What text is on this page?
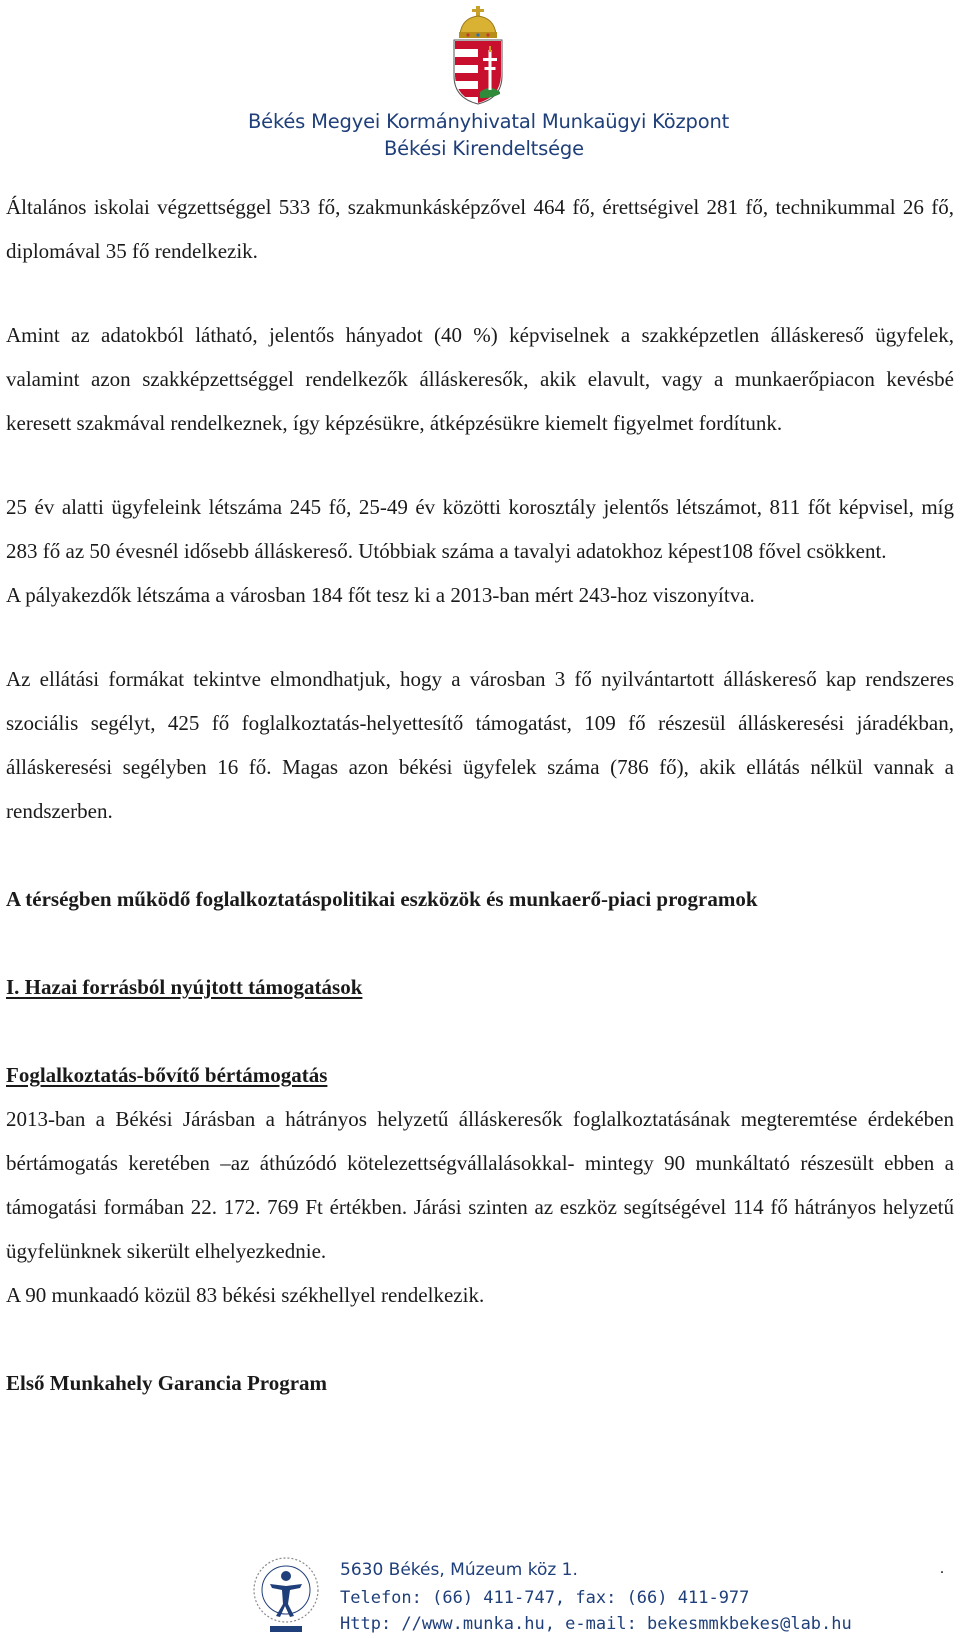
Békés Megyei Kormányhivatal Munkaügyi Központ
Békési Kirendeltsége

Általános iskolai végzettséggel 533 fő, szakmunkásképzővel 464 fő, érettségivel 281 fő, technikummal 26 fő, diplomával 35 fő rendelkezik.

Amint az adatokból látható, jelentős hányadot (40 %) képviselnek a szakképzetlen álláskereső ügyfelek, valamint azon szakképzettséggel rendelkezők álláskeresők, akik elavult, vagy a munkaerőpiacon kevésbé keresett szakmával rendelkeznek, így képzésükre, átképzésükre kiemelt figyelmet fordítunk.

25 év alatti ügyfeleink létszáma 245 fő, 25-49 év közötti korosztály jelentős létszámot, 811 főt képvisel, míg 283 fő az 50 évesnél idősebb álláskereső. Utóbbiak száma a tavalyi adatokhoz képest108 fővel csökkent.

A pályakezdők létszáma a városban 184 főt tesz ki a 2013-ban mért 243-hoz viszonyítva.

Az ellátási formákat tekintve elmondhatjuk, hogy a városban 3 fő nyilvántartott álláskereső kap rendszeres szociális segélyt, 425 fő foglalkoztatás-helyettesítő támogatást, 109 fő részesül álláskeresési járadékban, álláskeresési segélyben 16 fő. Magas azon békési ügyfelek száma (786 fő), akik ellátás nélkül vannak a rendszerben.

A térségben működő foglalkoztatáspolitikai eszközök és munkaerő-piaci programok
I. Hazai forrásból nyújtott támogatások
Foglalkoztatás-bővítő bértámogatás

2013-ban a Békési Járásban a hátrányos helyzetű álláskeresők foglalkoztatásának megteremtése érdekében bértámogatás keretében –az áthúzódó kötelezettségvállalásokkal- mintegy 90 munkáltató részesült ebben a támogatási formában 22. 172. 769 Ft értékben. Járási szinten az eszköz segítségével 114 fő hátrányos helyzetű ügyfelünknek sikerült elhelyezkednie.

A 90 munkaadó közül 83 békési székhellyel rendelkezik.

Első Munkahely Garancia Program
5630 Békés, Múzeum köz 1.
Telefon: (66) 411-747, fax: (66) 411-977
Http: //www.munka.hu, e-mail: bekesmmkbekes@lab.hu
.
